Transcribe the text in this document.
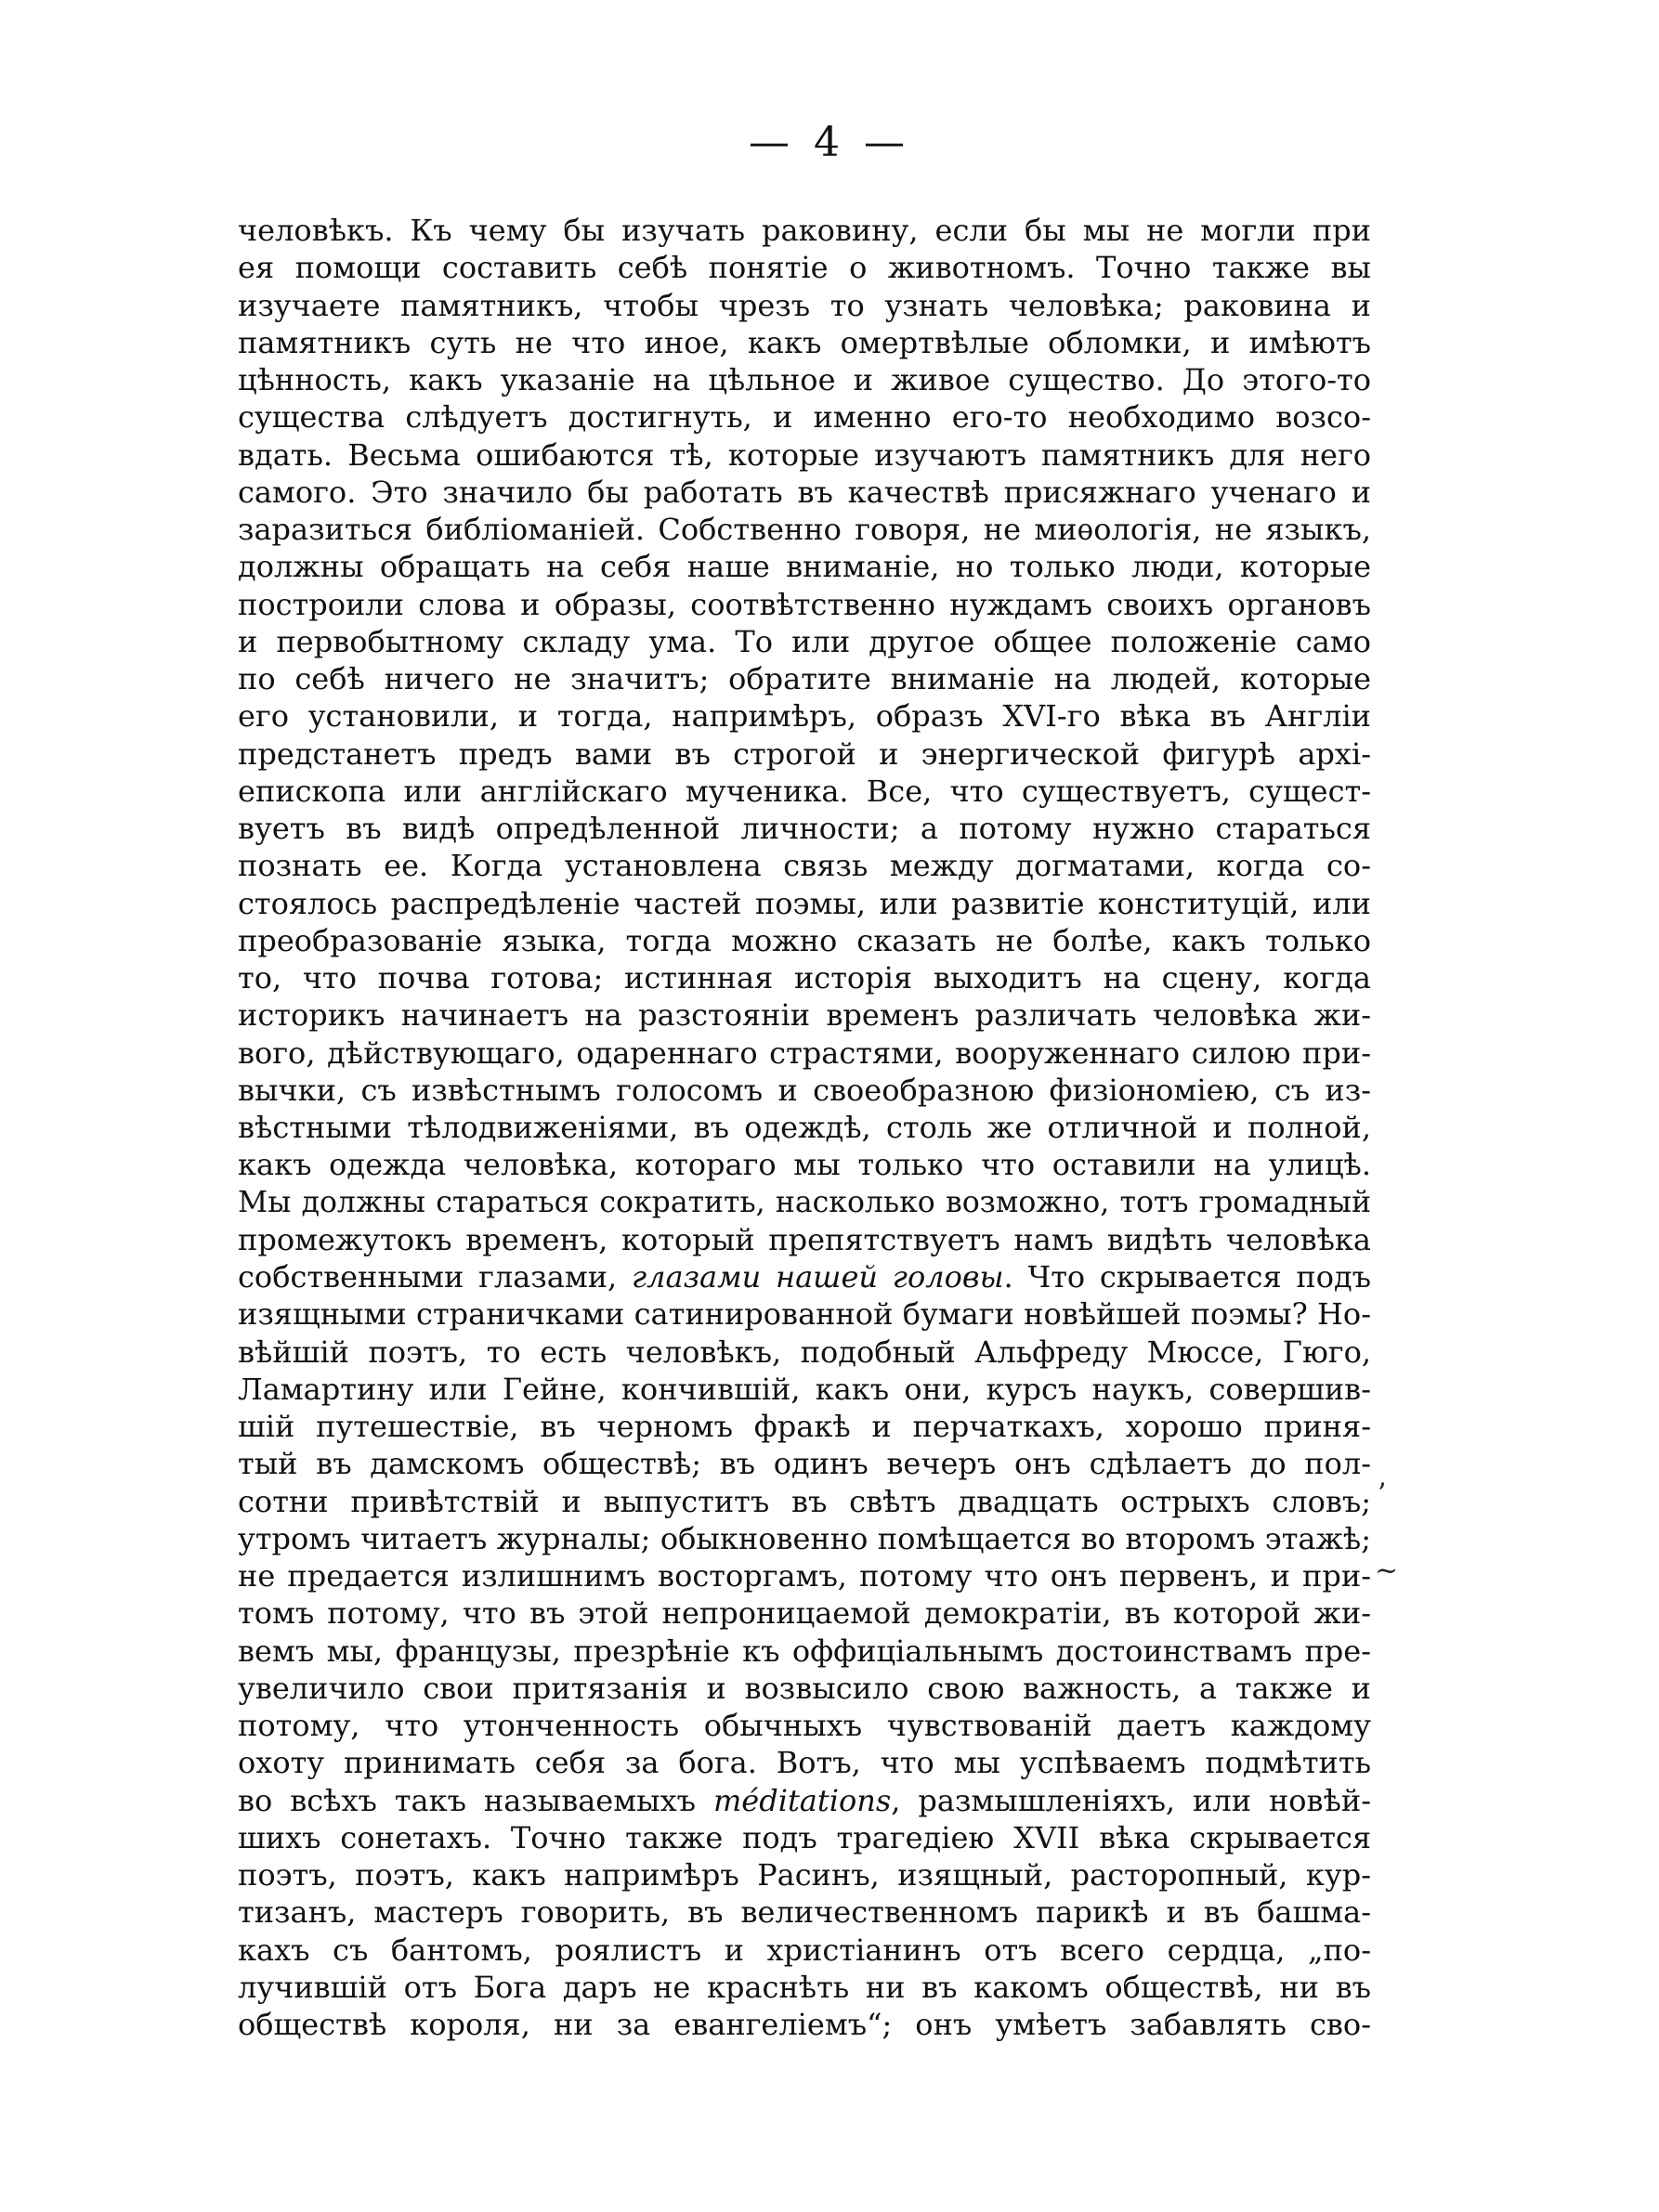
— 4 —
человѣкъ. Къ чему бы изучать раковину, если бы мы не могли при
ея помощи составить себѣ понятіе о животномъ. Точно также вы
изучаете памятникъ, чтобы чрезъ то узнать человѣка; раковина и
памятникъ суть не что иное, какъ омертвѣлые обломки, и имѣютъ
цѣнность, какъ указаніе на цѣльное и живое существо. До этого-то
существа слѣдуетъ достигнуть, и именно его-то необходимо возсо-
вдать. Весьма ошибаются тѣ, которые изучаютъ памятникъ для него
самого. Это значило бы работать въ качествѣ присяжнаго ученаго и
заразиться библіоманіей. Собственно говоря, не миѳологія, не языкъ,
должны обращать на себя наше вниманіе, но только люди, которые
построили слова и образы, соотвѣтственно нуждамъ своихъ органовъ
и первобытному складу ума. То или другое общее положеніе само
по себѣ ничего не значитъ; обратите вниманіе на людей, которые
его установили, и тогда, напримѣръ, образъ XVI-го вѣка въ Англіи
предстанетъ предъ вами въ строгой и энергической фигурѣ архі-
епископа или англійскаго мученика. Все, что существуетъ, сущест-
вуетъ въ видѣ опредѣленной личности; а потому нужно стараться
познать ее. Когда установлена связь между догматами, когда со-
стоялось распредѣленіе частей поэмы, или развитіе конституцій, или
преобразованіе языка, тогда можно сказать не болѣе, какъ только
то, что почва готова; истинная исторія выходитъ на сцену, когда
историкъ начинаетъ на разстояніи временъ различать человѣка жи-
вого, дѣйствующаго, одареннаго страстями, вооруженнаго силою при-
вычки, съ извѣстнымъ голосомъ и своеобразною физіономіею, съ из-
вѣстными тѣлодвиженіями, въ одеждѣ, столь же отличной и полной,
какъ одежда человѣка, котораго мы только что оставили на улицѣ.
Мы должны стараться сократить, насколько возможно, тотъ громадный
промежутокъ временъ, который препятствуетъ намъ видѣть человѣка
собственными глазами, глазами нашей головы. Что скрывается подъ
изящными страничками сатинированной бумаги новѣйшей поэмы? Но-
вѣйшій поэтъ, то есть человѣкъ, подобный Альфреду Мюссе, Гюго,
Ламартину или Гейне, кончившій, какъ они, курсъ наукъ, совершив-
шій путешествіе, въ черномъ фракѣ и перчаткахъ, хорошо приня-
тый въ дамскомъ обществѣ; въ одинъ вечеръ онъ сдѣлаетъ до пол-
сотни привѣтствій и выпуститъ въ свѣтъ двадцать острыхъ словъ;
утромъ читаетъ журналы; обыкновенно помѣщается во второмъ этажѣ;
не предается излишнимъ восторгамъ, потому что онъ первенъ, и при-
томъ потому, что въ этой непроницаемой демократіи, въ которой жи-
вемъ мы, французы, презрѣніе къ оффиціальнымъ достоинствамъ пре-
увеличило свои притязанія и возвысило свою важность, а также и
потому, что утонченность обычныхъ чувствованій даетъ каждому
охоту принимать себя за бога. Вотъ, что мы успѣваемъ подмѣтить
во всѣхъ такъ называемыхъ méditations, размышленіяхъ, или новѣй-
шихъ сонетахъ. Точно также подъ трагедіею XVII вѣка скрывается
поэтъ, поэтъ, какъ напримѣръ Расинъ, изящный, расторопный, кур-
тизанъ, мастеръ говорить, въ величественномъ парикѣ и въ башма-
кахъ съ бантомъ, роялистъ и христіанинъ отъ всего сердца, „по-
лучившій отъ Бога даръ не краснѣть ни въ какомъ обществѣ, ни въ
обществѣ короля, ни за евангеліемъ“; онъ умѣетъ забавлять сво-
ʼ
~
